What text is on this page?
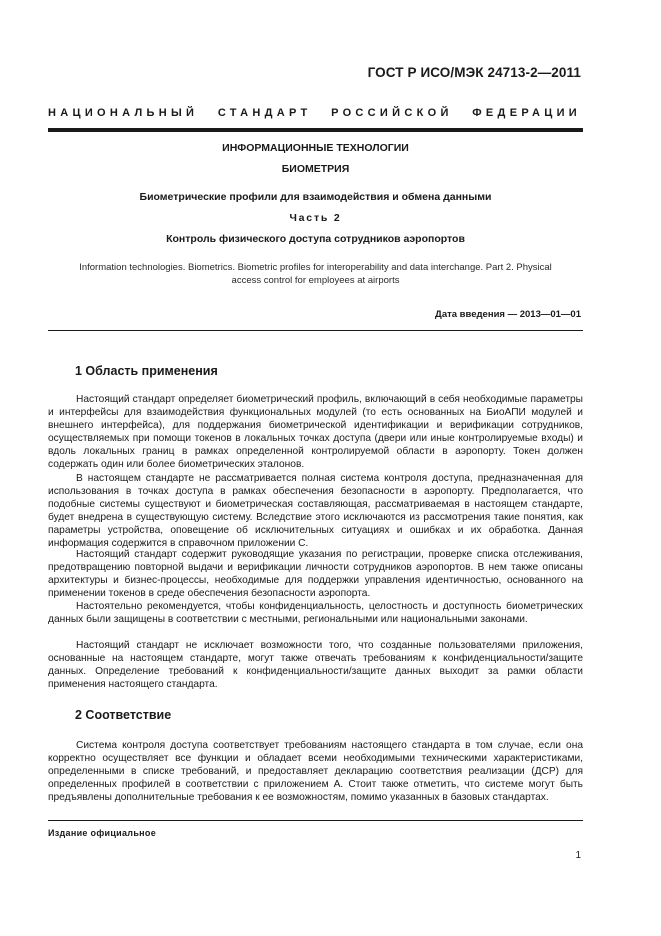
ГОСТ Р ИСО/МЭК 24713-2—2011
НАЦИОНАЛЬНЫЙ СТАНДАРТ РОССИЙСКОЙ ФЕДЕРАЦИИ
ИНФОРМАЦИОННЫЕ ТЕХНОЛОГИИ
БИОМЕТРИЯ
Биометрические профили для взаимодействия и обмена данными
Часть 2
Контроль физического доступа сотрудников аэропортов
Information technologies. Biometrics. Biometric profiles for interoperability and data interchange. Part 2. Physical
access control for employees at airports
Дата введения — 2013—01—01
1 Область применения

Настоящий стандарт определяет биометрический профиль, включающий в себя необходимые параметры и интерфейсы для взаимодействия функциональных модулей (то есть основанных на БиоАПИ модулей и внешнего интерфейса), для поддержания биометрической идентификации и верификации сотрудников, осуществляемых при помощи токенов в локальных точках доступа (двери или иные контролируемые входы) и вдоль локальных границ в рамках определенной контролируемой области в аэропорту. Токен должен содержать один или более биометрических эталонов.

В настоящем стандарте не рассматривается полная система контроля доступа, предназначенная для использования в точках доступа в рамках обеспечения безопасности в аэропорту. Предполагается, что подобные системы существуют и биометрическая составляющая, рассматриваемая в настоящем стандарте, будет внедрена в существующую систему. Вследствие этого исключаются из рассмотрения такие понятия, как параметры устройства, оповещение об исключительных ситуациях и ошибках и их обработка. Данная информация содержится в справочном приложении С.

Настоящий стандарт содержит руководящие указания по регистрации, проверке списка отслеживания, предотвращению повторной выдачи и верификации личности сотрудников аэропортов. В нем также описаны архитектуры и бизнес-процессы, необходимые для поддержки управления идентичностью, основанного на применении токенов в среде обеспечения безопасности аэропорта.

Настоятельно рекомендуется, чтобы конфиденциальность, целостность и доступность биометрических данных были защищены в соответствии с местными, региональными или национальными законами.

Настоящий стандарт не исключает возможности того, что созданные пользователями приложения, основанные на настоящем стандарте, могут также отвечать требованиям к конфиденциальности/защите данных. Определение требований к конфиденциальности/защите данных выходит за рамки области применения настоящего стандарта.

2 Соответствие

Система контроля доступа соответствует требованиям настоящего стандарта в том случае, если она корректно осуществляет все функции и обладает всеми необходимыми техническими характеристиками, определенными в списке требований, и предоставляет декларацию соответствия реализации (ДСР) для определенных профилей в соответствии с приложением А. Стоит также отметить, что системе могут быть предъявлены дополнительные требования к ее возможностям, помимо указанных в базовых стандартах.

Издание официальное
1
